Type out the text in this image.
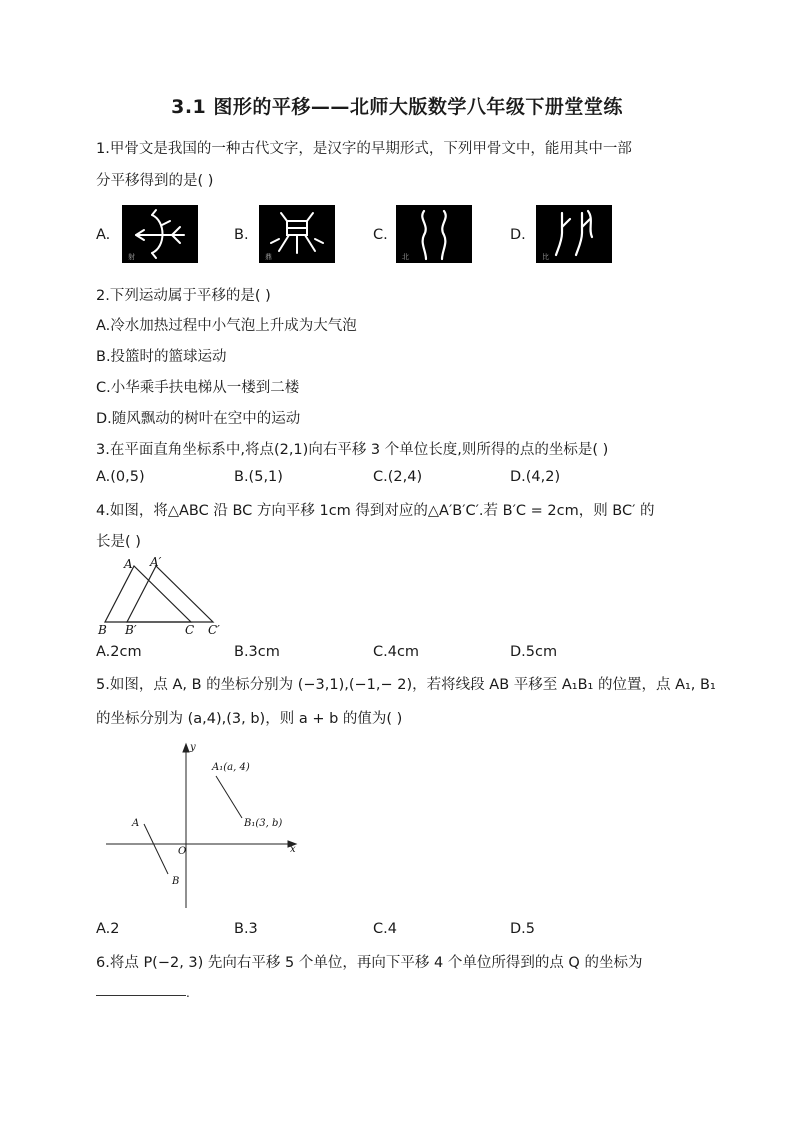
3.1 图形的平移——北师大版数学八年级下册堂堂练
1.甲骨文是我国的一种古代文字，是汉字的早期形式，下列甲骨文中，能用其中一部
分平移得到的是( )
A.
射
B.
鼎
C.
北
D.
比
2.下列运动属于平移的是( )
A.冷水加热过程中小气泡上升成为大气泡
B.投篮时的篮球运动
C.小华乘手扶电梯从一楼到二楼
D.随风飘动的树叶在空中的运动
3.在平面直角坐标系中,将点(2,1)向右平移 3 个单位长度,则所得的点的坐标是( )
A.(0,5)	B.(5,1)	C.(2,4)	D.(4,2)
4.如图，将△ABC 沿 BC 方向平移 1cm 得到对应的△A′B′C′.若 B′C = 2cm，则 BC′ 的
长是( )
A A′
B B′	C C′
A.2cm	B.3cm	C.4cm	D.5cm
5.如图，点 A, B 的坐标分别为 (−3,1),(−1,− 2)，若将线段 AB 平移至 A₁B₁ 的位置，点 A₁, B₁
的坐标分别为 (a,4),(3, b)，则 a + b 的值为( )
y
x
O
A
B
A₁(a, 4)
B₁(3, b)
A.2	B.3	C.4	D.5
6.将点 P(−2, 3) 先向右平移 5 个单位，再向下平移 4 个单位所得到的点 Q 的坐标为
.
